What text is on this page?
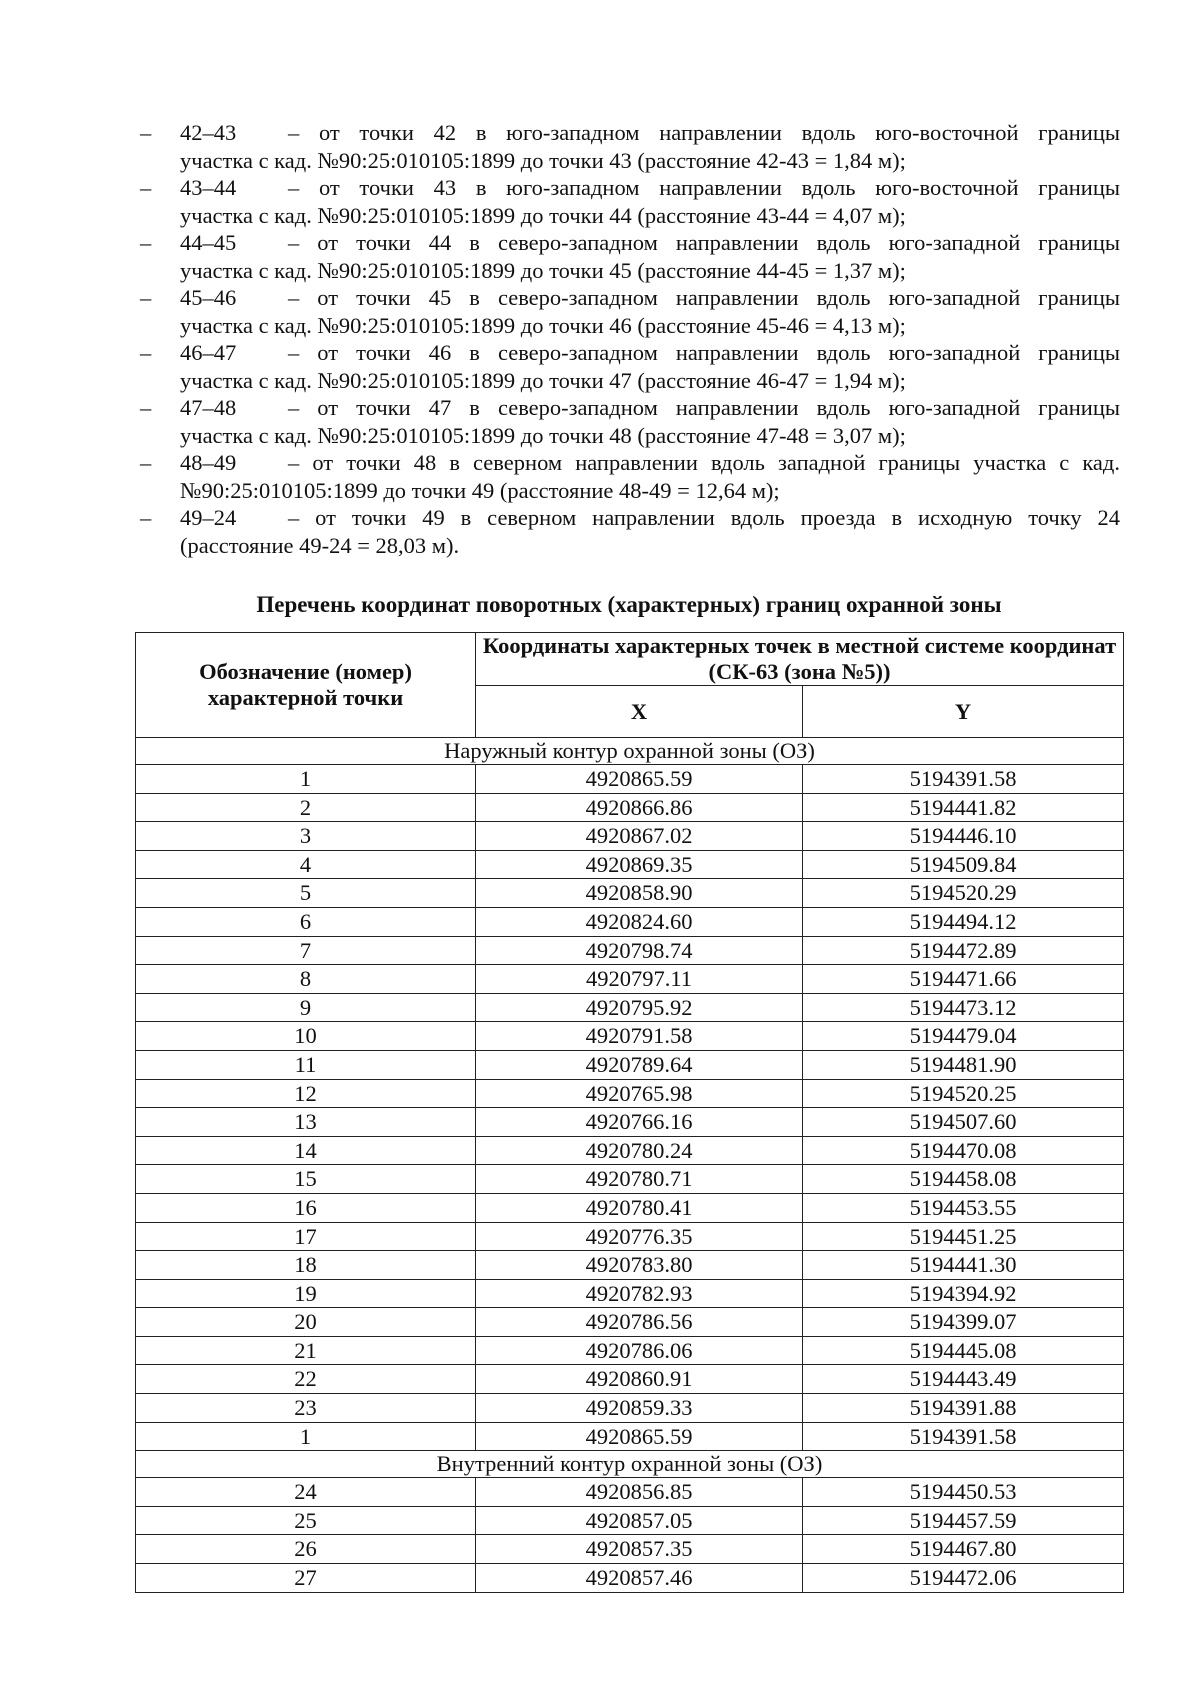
– 42–43 – от точки 42 в юго-западном направлении вдоль юго-восточной границы
участка с кад. №90:25:010105:1899 до точки 43 (расстояние 42-43 = 1,84 м);
– 43–44 – от точки 43 в юго-западном направлении вдоль юго-восточной границы
участка с кад. №90:25:010105:1899 до точки 44 (расстояние 43-44 = 4,07 м);
– 44–45 – от точки 44 в северо-западном направлении вдоль юго-западной границы
участка с кад. №90:25:010105:1899 до точки 45 (расстояние 44-45 = 1,37 м);
– 45–46 – от точки 45 в северо-западном направлении вдоль юго-западной границы
участка с кад. №90:25:010105:1899 до точки 46 (расстояние 45-46 = 4,13 м);
– 46–47 – от точки 46 в северо-западном направлении вдоль юго-западной границы
участка с кад. №90:25:010105:1899 до точки 47 (расстояние 46-47 = 1,94 м);
– 47–48 – от точки 47 в северо-западном направлении вдоль юго-западной границы
участка с кад. №90:25:010105:1899 до точки 48 (расстояние 47-48 = 3,07 м);
– 48–49 – от точки 48 в северном направлении вдоль западной границы участка с кад.
№90:25:010105:1899 до точки 49 (расстояние 48-49 = 12,64 м);
– 49–24 – от точки 49 в северном направлении вдоль проезда в исходную точку 24
(расстояние 49-24 = 28,03 м).
Перечень координат поворотных (характерных) границ охранной зоны
Обозначение (номер) характерной точки	Координаты характерных точек в местной системе координат (СК-63 (зона №5))	
	X	Y
Наружный контур охранной зоны (ОЗ)		
1	4920865.59	5194391.58
2	4920866.86	5194441.82
3	4920867.02	5194446.10
4	4920869.35	5194509.84
5	4920858.90	5194520.29
6	4920824.60	5194494.12
7	4920798.74	5194472.89
8	4920797.11	5194471.66
9	4920795.92	5194473.12
10	4920791.58	5194479.04
11	4920789.64	5194481.90
12	4920765.98	5194520.25
13	4920766.16	5194507.60
14	4920780.24	5194470.08
15	4920780.71	5194458.08
16	4920780.41	5194453.55
17	4920776.35	5194451.25
18	4920783.80	5194441.30
19	4920782.93	5194394.92
20	4920786.56	5194399.07
21	4920786.06	5194445.08
22	4920860.91	5194443.49
23	4920859.33	5194391.88
1	4920865.59	5194391.58
Внутренний контур охранной зоны (ОЗ)		
24	4920856.85	5194450.53
25	4920857.05	5194457.59
26	4920857.35	5194467.80
27	4920857.46	5194472.06
